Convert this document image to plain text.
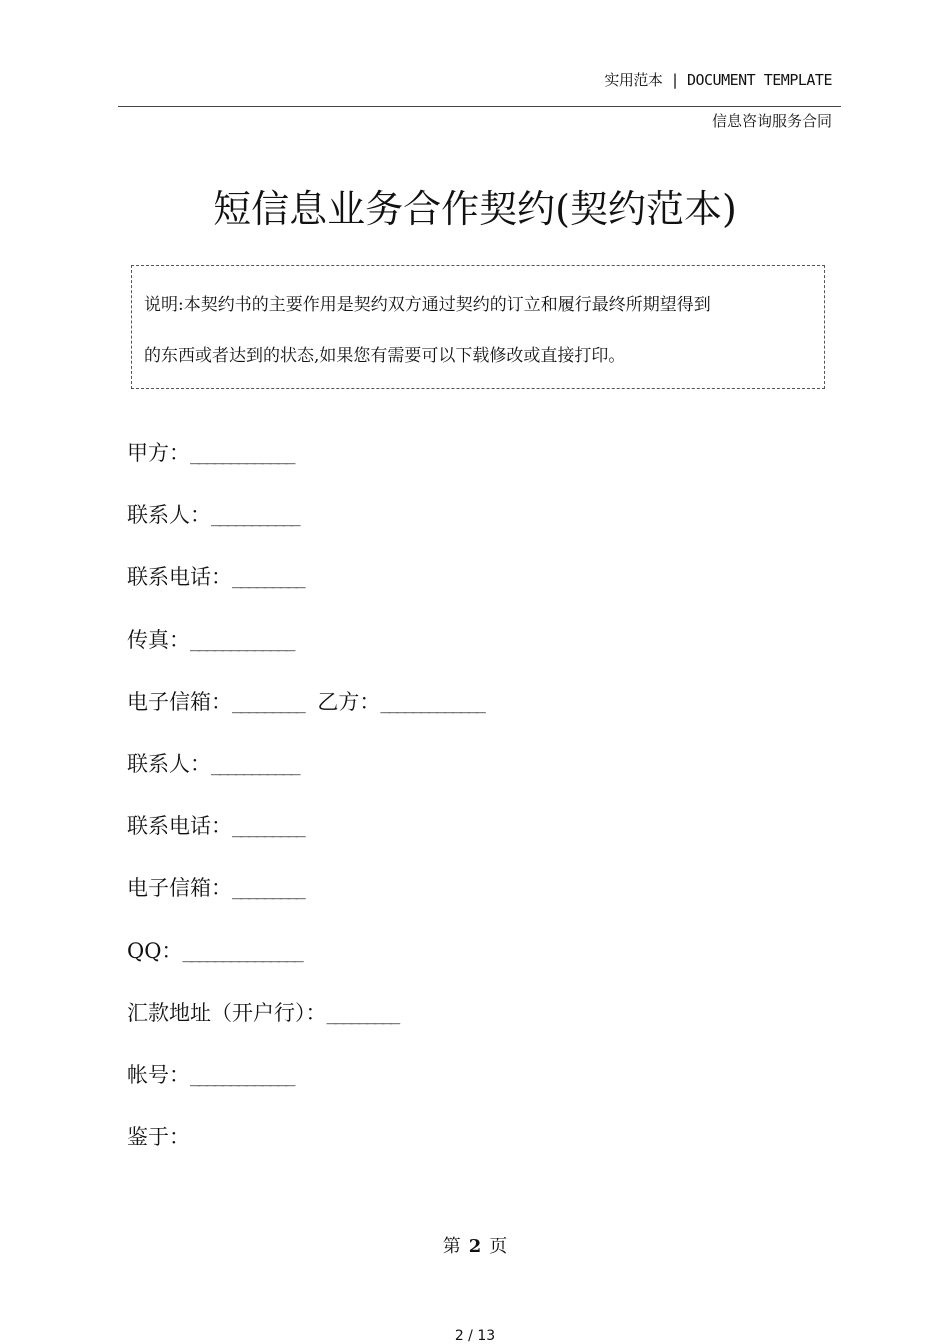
实用范本 | DOCUMENT TEMPLATE
信息咨询服务合同
短信息业务合作契约(契约范本)

说明:本契约书的主要作用是契约双方通过契约的订立和履行最终所期望得到

的东西或者达到的状态,如果您有需要可以下载修改或直接打印。

甲方：_____________
联系人：___________
联系电话：_________
传真：_____________
电子信箱：_________ 乙方：_____________
联系人：___________
联系电话：_________
电子信箱：_________
QQ：_______________
汇款地址（开户行）：_________
帐号：_____________
鉴于：
第 2 页
2 / 13
